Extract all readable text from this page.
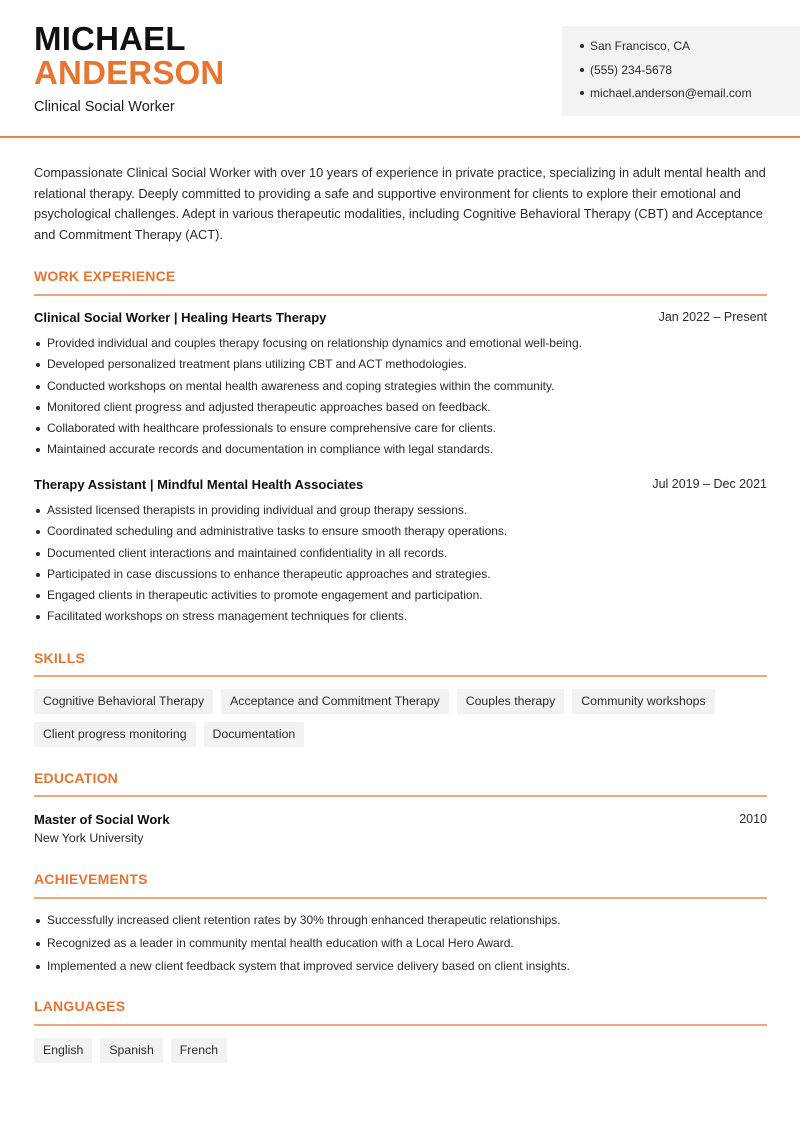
MICHAEL
ANDERSON
Clinical Social Worker
San Francisco, CA
(555) 234-5678
michael.anderson@email.com

Compassionate Clinical Social Worker with over 10 years of experience in private practice, specializing in adult mental health and relational therapy. Deeply committed to providing a safe and supportive environment for clients to explore their emotional and psychological challenges. Adept in various therapeutic modalities, including Cognitive Behavioral Therapy (CBT) and Acceptance and Commitment Therapy (ACT).

WORK EXPERIENCE
Clinical Social Worker | Healing Hearts Therapy	Jan 2022 – Present
Provided individual and couples therapy focusing on relationship dynamics and emotional well-being.
Developed personalized treatment plans utilizing CBT and ACT methodologies.
Conducted workshops on mental health awareness and coping strategies within the community.
Monitored client progress and adjusted therapeutic approaches based on feedback.
Collaborated with healthcare professionals to ensure comprehensive care for clients.
Maintained accurate records and documentation in compliance with legal standards.
Therapy Assistant | Mindful Mental Health Associates	Jul 2019 – Dec 2021
Assisted licensed therapists in providing individual and group therapy sessions.
Coordinated scheduling and administrative tasks to ensure smooth therapy operations.
Documented client interactions and maintained confidentiality in all records.
Participated in case discussions to enhance therapeutic approaches and strategies.
Engaged clients in therapeutic activities to promote engagement and participation.
Facilitated workshops on stress management techniques for clients.
SKILLS
Cognitive Behavioral Therapy	Acceptance and Commitment Therapy	Couples therapy	Community workshops
Client progress monitoring	Documentation
EDUCATION
Master of Social Work	2010
New York University
ACHIEVEMENTS
Successfully increased client retention rates by 30% through enhanced therapeutic relationships.
Recognized as a leader in community mental health education with a Local Hero Award.
Implemented a new client feedback system that improved service delivery based on client insights.
LANGUAGES
English	Spanish	French
